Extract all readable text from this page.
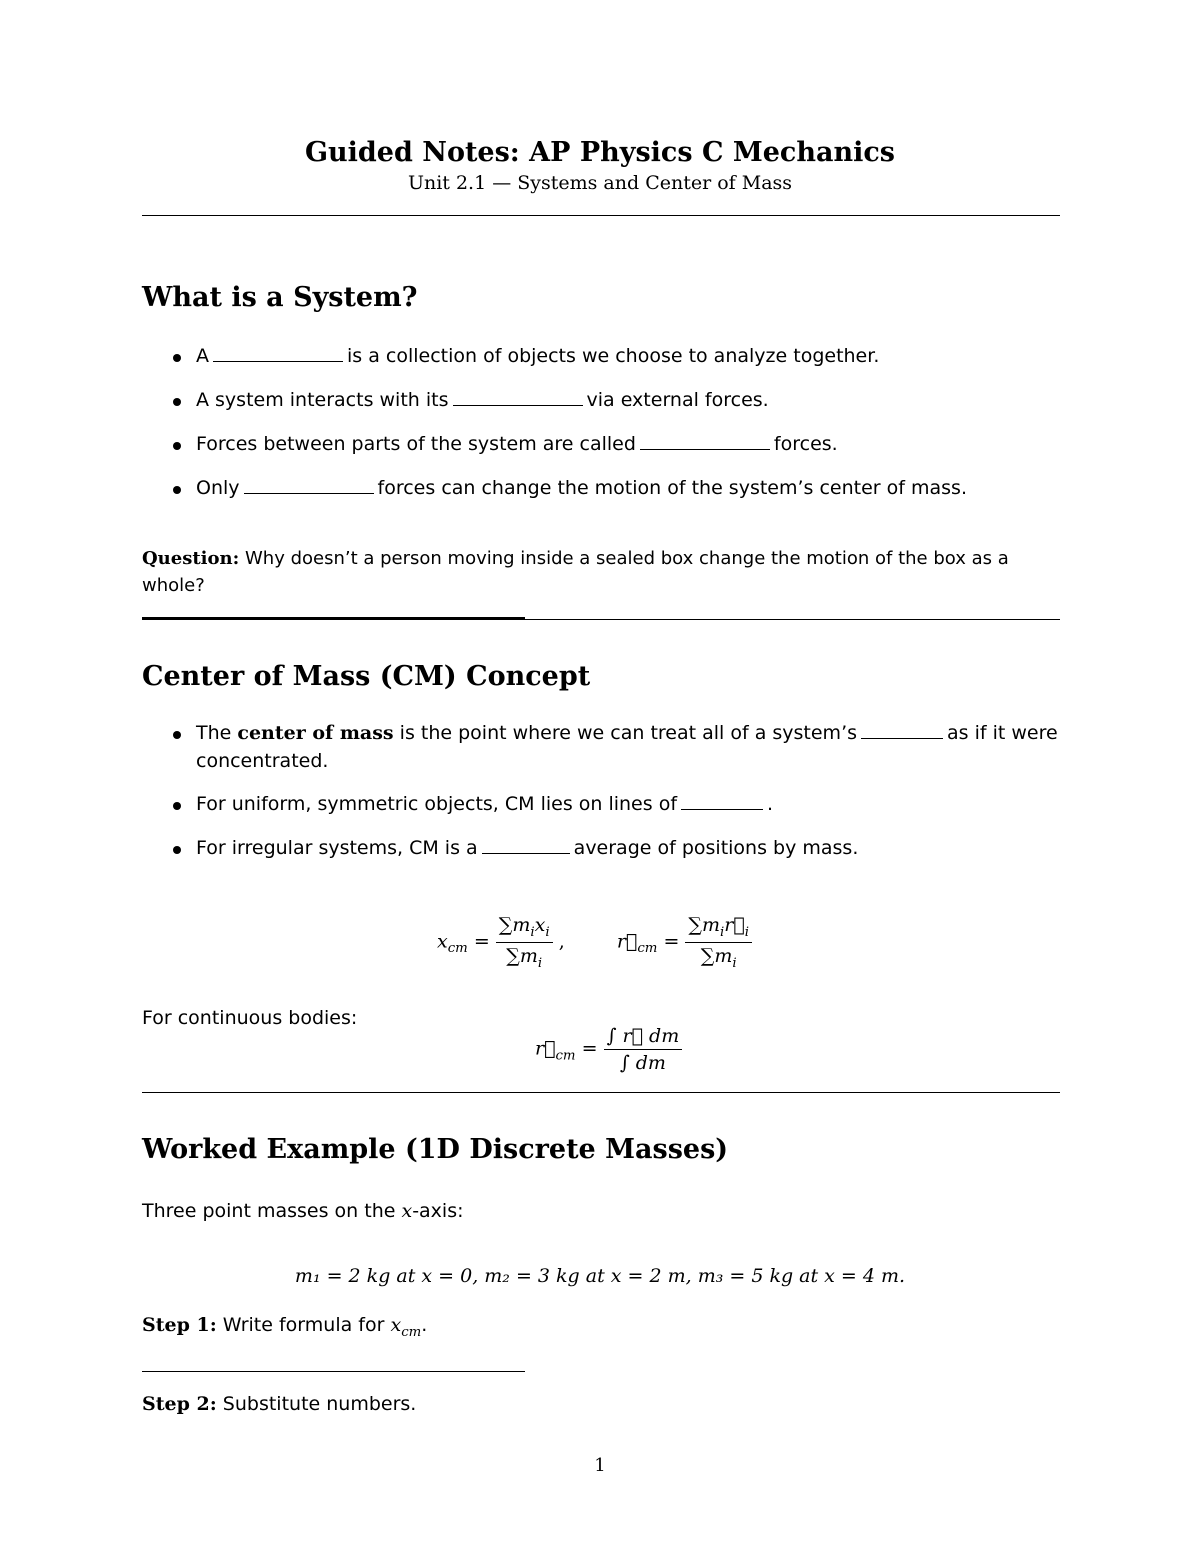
Guided Notes: AP Physics C Mechanics
Unit 2.1 — Systems and Center of Mass
What is a System?
A	is a collection of objects we choose to analyze together.
A system interacts with its	via external forces.
Forces between parts of the system are called	forces.
Only	forces can change the motion of the system’s center of mass.
Question: Why doesn’t a person moving inside a sealed box change the motion of the box as a
whole?
Center of Mass (CM) Concept
The center of mass is the point where we can treat all of a system’s	as if it were
concentrated.
For uniform, symmetric objects, CM lies on lines of	.
For irregular systems, CM is a	average of positions by mass.
$x_{cm} = \frac{\sum m_ix_i}{\sum m_i}$ ,	$r⃗_{cm} = \frac{\sum m_ir⃗_i}{\sum m_i}$
For continuous bodies:
$r⃗_{cm} = \frac{\int r⃗ dm}{\int dm}$
Worked Example (1D Discrete Masses)
Three point masses on the x-axis:
m₁ = 2 kg at x = 0, m₂ = 3 kg at x = 2 m, m₃ = 5 kg at x = 4 m.
Step 1: Write formula for $x_{cm}$.
Step 2: Substitute numbers.
1
